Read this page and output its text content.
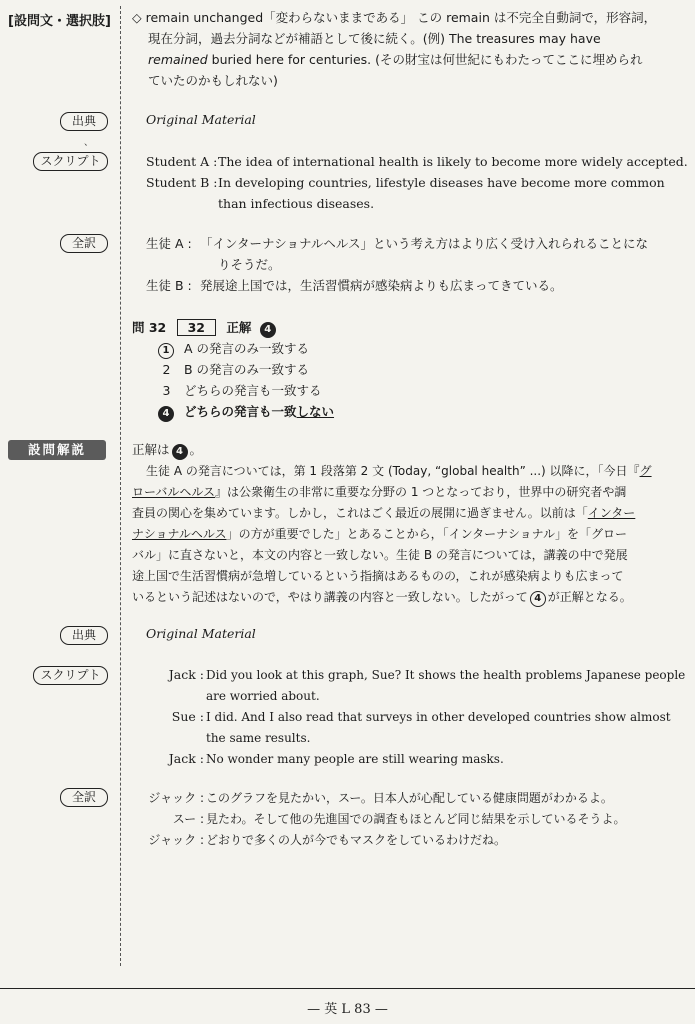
[設問文・選択肢] ◇ remain unchanged「変わらないままである」 この remain は不完全自動詞で，形容詞，
現在分詞，過去分詞などが補語として後に続く。(例) The treasures may have
remained buried here for centuries. (その財宝は何世紀にもわたってここに埋められ
ていたのかもしれない)
出典
、
スクリプト
全訳
Original Material
Student A : The idea of international health is likely to become more widely accepted.
Student B : In developing countries, lifestyle diseases have become more common
than infectious diseases.
生徒 A : 「インターナショナルヘルス」という考え方はより広く受け入れられることにな
りそうだ。
生徒 B : 発展途上国では，生活習慣病が感染病よりも広まってきている。
問 32 32 正解 4
1 A の発言のみ一致する
2 B の発言のみ一致する
3 どちらの発言も一致する
4 どちらの発言も一致しない
設問解説	正解は 4 。
生徒 A の発言については，第 1 段落第 2 文 (Today, “global health” ...) 以降に，「今日『グ
ローバルヘルス』は公衆衛生の非常に重要な分野の 1 つとなっており，世界中の研究者や調
査員の関心を集めています。しかし，これはごく最近の展開に過ぎません。以前は「インター
ナショナルヘルス」の方が重要でした」とあることから，「インターナショナル」を「グロー
バル」に直さないと，本文の内容と一致しない。生徒 B の発言については，講義の中で発展
途上国で生活習慣病が急増しているという指摘はあるものの，これが感染病よりも広まって
いるという記述はないので，やはり講義の内容と一致しない。したがって 4 が正解となる。
出典
スクリプト
全訳
Original Material
Jack : Did you look at this graph, Sue? It shows the health problems Japanese people
are worried about.
Sue : I did. And I also read that surveys in other developed countries show almost
the same results.
Jack : No wonder many people are still wearing masks.
ジャック : このグラフを見たかい，スー。日本人が心配している健康問題がわかるよ。
スー : 見たわ。そして他の先進国での調査もほとんど同じ結果を示しているそうよ。
ジャック : どおりで多くの人が今でもマスクをしているわけだね。
— 英 L 83 —
